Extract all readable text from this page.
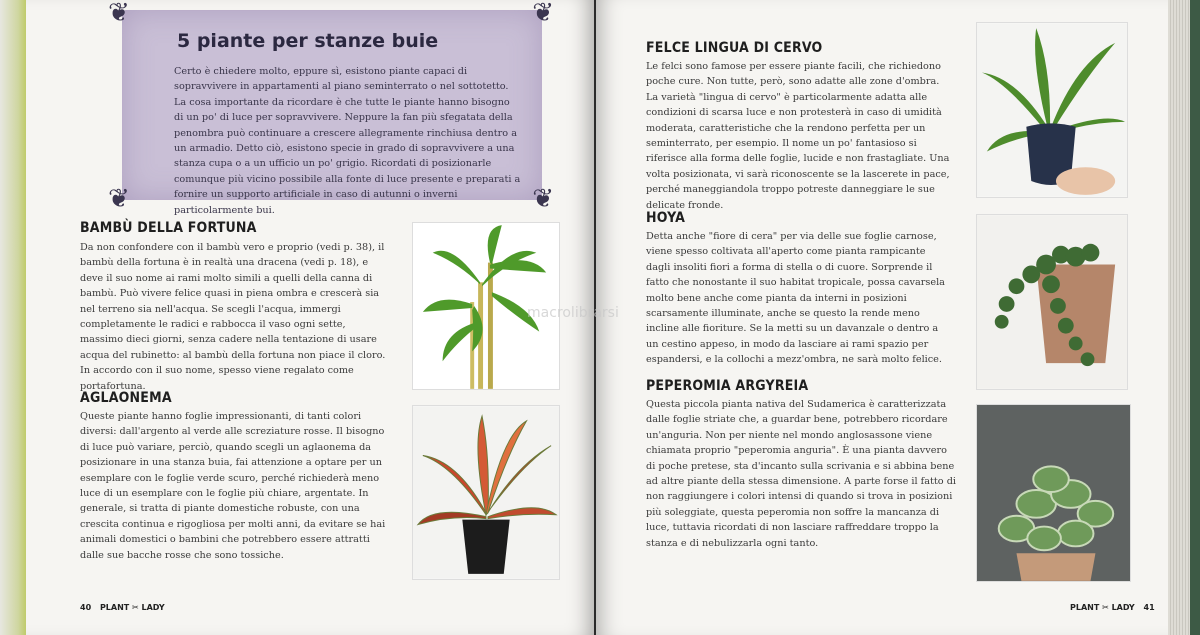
❦	❦
❦	❦
5 piante per stanze buie

Certo è chiedere molto, eppure sì, esistono piante capaci di sopravvivere in appartamenti al piano seminterrato o nel sottotetto. La cosa importante da ricordare è che tutte le piante hanno bisogno di un po' di luce per sopravvivere. Neppure la fan più sfegatata della penombra può continuare a crescere allegramente rinchiusa dentro a un armadio. Detto ciò, esistono specie in grado di sopravvivere a una stanza cupa o a un ufficio un po' grigio. Ricordati di posizionarle comunque più vicino possibile alla fonte di luce presente e preparati a fornire un supporto artificiale in caso di autunni o inverni particolarmente bui.

BAMBÙ DELLA FORTUNA
Da non confondere con il bambù vero e proprio (vedi p. 38), il bambù della fortuna è in realtà una dracena (vedi p. 18), e deve il suo nome ai rami molto simili a quelli della canna di bambù. Può vivere felice quasi in piena ombra e crescerà sia nel terreno sia nell'acqua. Se scegli l'acqua, immergi completamente le radici e rabbocca il vaso ogni sette, massimo dieci giorni, senza cadere nella tentazione di usare acqua del rubinetto: al bambù della fortuna non piace il cloro. In accordo con il suo nome, spesso viene regalato come portafortuna.
AGLAONEMA
Queste piante hanno foglie impressionanti, di tanti colori diversi: dall'argento al verde alle screziature rosse. Il bisogno di luce può variare, perciò, quando scegli un aglaonema da posizionare in una stanza buia, fai attenzione a optare per un esemplare con le foglie verde scuro, perché richiederà meno luce di un esemplare con le foglie più chiare, argentate. In generale, si tratta di piante domestiche robuste, con una crescita continua e rigogliosa per molti anni, da evitare se hai animali domestici o bambini che potrebbero essere attratti dalle sue bacche rosse che sono tossiche.
40 PLANT ✂ LADY
FELCE LINGUA DI CERVO
Le felci sono famose per essere piante facili, che richiedono poche cure. Non tutte, però, sono adatte alle zone d'ombra. La varietà "lingua di cervo" è particolarmente adatta alle condizioni di scarsa luce e non protesterà in caso di umidità moderata, caratteristiche che la rendono perfetta per un seminterrato, per esempio. Il nome un po' fantasioso si riferisce alla forma delle foglie, lucide e non frastagliate. Una volta posizionata, vi sarà riconoscente se la lascerete in pace, perché maneggiandola troppo potreste danneggiare le sue delicate fronde.
HOYA
Detta anche "fiore di cera" per via delle sue foglie carnose, viene spesso coltivata all'aperto come pianta rampicante dagli insoliti fiori a forma di stella o di cuore. Sorprende il fatto che nonostante il suo habitat tropicale, possa cavarsela molto bene anche come pianta da interni in posizioni scarsamente illuminate, anche se questo la rende meno incline alle fioriture. Se la metti su un davanzale o dentro a un cestino appeso, in modo da lasciare ai rami spazio per espandersi, e la collochi a mezz'ombra, ne sarà molto felice.
PEPEROMIA ARGYREIA
Questa piccola pianta nativa del Sudamerica è caratterizzata dalle foglie striate che, a guardar bene, potrebbero ricordare un'anguria. Non per niente nel mondo anglosassone viene chiamata proprio "peperomia anguria". È una pianta davvero di poche pretese, sta d'incanto sulla scrivania e si abbina bene ad altre piante della stessa dimensione. A parte forse il fatto di non raggiungere i colori intensi di quando si trova in posizioni più soleggiate, questa peperomia non soffre la mancanza di luce, tuttavia ricordati di non lasciare raffreddare troppo la stanza e di nebulizzarla ogni tanto.
PLANT ✂ LADY 41
macrolibrarsi
